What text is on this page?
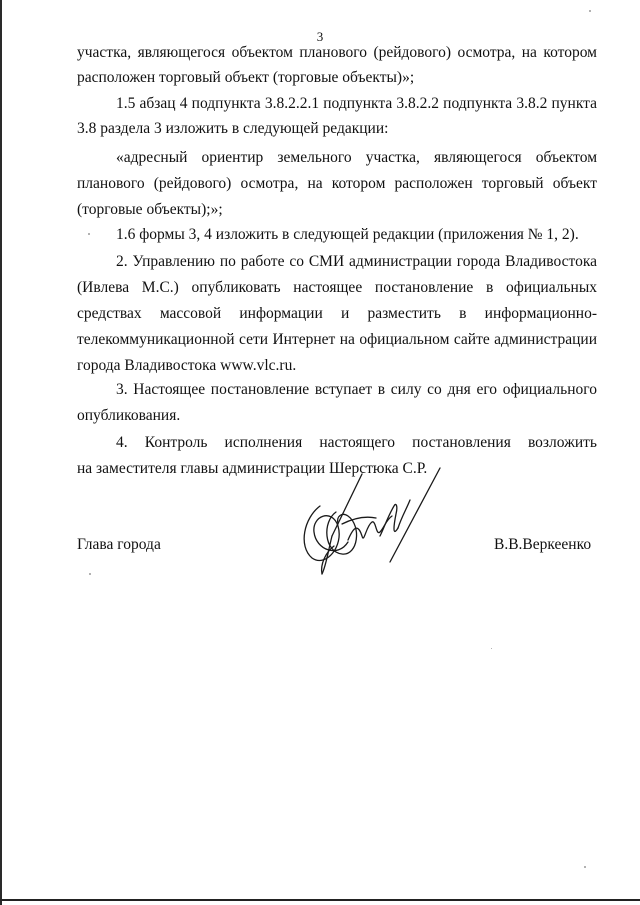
3
участка, являющегося объектом планового (рейдового) осмотра, на котором
расположен торговый объект (торговые объекты)»;
1.5 абзац 4 подпункта 3.8.2.2.1 подпункта 3.8.2.2 подпункта 3.8.2 пункта
3.8 раздела 3 изложить в следующей редакции:
«адресный ориентир земельного участка, являющегося объектом
планового (рейдового) осмотра, на котором расположен торговый объект
(торговые объекты);»;
1.6 формы 3, 4 изложить в следующей редакции (приложения № 1, 2).
2. Управлению по работе со СМИ администрации города Владивостока
(Ивлева М.С.) опубликовать настоящее постановление в официальных
средствах массовой информации и разместить в информационно-
телекоммуникационной сети Интернет на официальном сайте администрации
города Владивостока www.vlc.ru.
3. Настоящее постановление вступает в силу со дня его официального
опубликования.
4. Контроль исполнения настоящего постановления возложить
на заместителя главы администрации Шерстюка С.Р.
Глава города	В.В.Веркеенко
